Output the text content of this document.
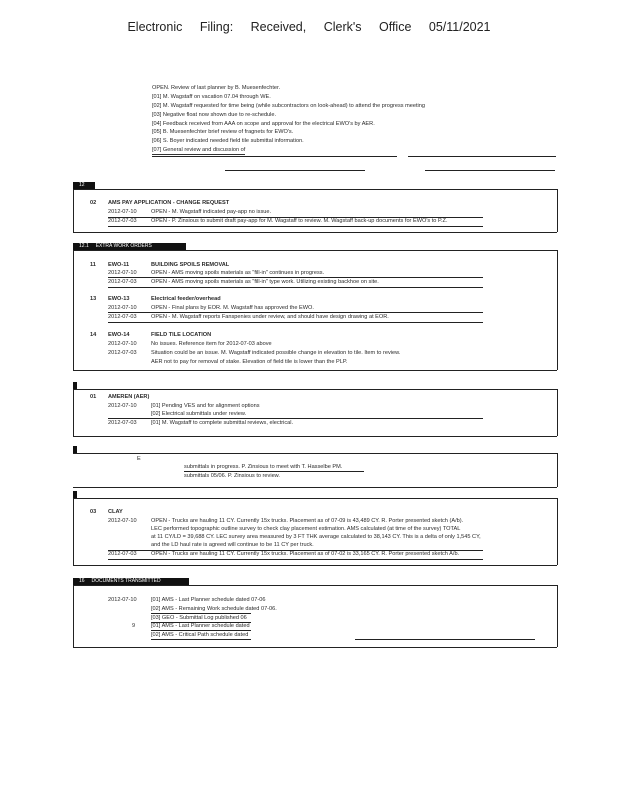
Electronic Filing: Received, Clerk's Office 05/11/2021
OPEN. Review of last planner by B. Muesenfechter.
[01] M. Wagstaff on vacation 07.04 through WE.
[02] M. Wagstaff requested for time being (while subcontractors on look-ahead) to attend the progress meeting
[03] Negative float now shown due to re-schedule.
[04] Feedback received from AAA on scope and approval for the electrical EWO's by AER.
[05] B. Muesenfechter brief review of fragnets for EWO's.
[06] S. Boyer indicated needed field tile submittal information.
[07] General review and discussion of
12
02 AMS PAY APPLICATION - CHANGE REQUEST
2012-07-10	OPEN - M. Wagstaff indicated pay-app no issue.
2012-07-03	OPEN - P. Zinsious to submit draft pay-app for M. Wagstaff to review. M. Wagstaff back-up documents for EWO's to P.Z.
12.1 EXTRA WORK ORDERS
11 EWO-11	BUILDING SPOILS REMOVAL
2012-07-10	OPEN - AMS moving spoils materials as "fill-in" continues in progress.
2012-07-03	OPEN - AMS moving spoils materials as "fill-in" type work. Utilizing existing backhoe on site.
13 EWO-13	Electrical feeder/overhead
2012-07-10	OPEN - Final plans by EOR. M. Wagstaff has approved the EWO.
2012-07-03	OPEN - M. Wagstaff reports Fanspenies under review, and should have design drawing at EOR.
14 EWO-14	FIELD TILE LOCATION
2012-07-10	No issues. Reference item for 2012-07-03 above
2012-07-03	Situation could be an issue. M. Wagstaff indicated possible change in elevation to tile. Item to review.
AER not to pay for removal of stake. Elevation of field tile is lower than the PLP.
01 AMEREN (AER)
2012-07-10	[01] Pending VES and for alignment options
[02] Electrical submittals under review.
2012-07-03	[01] M. Wagstaff to complete submittal reviews, electrical.
E
submittals in progress. P. Zinsious to meet with T. Hasselbe PM.
submittals 05/06. P. Zinsious to review.
03 CLAY
2012-07-10	OPEN - Trucks are hauling 11 CY. Currently 15x trucks. Placement as of 07-09 is 43,489 CY. R. Porter presented sketch (A/b).
LEC performed topographic outline survey to check clay placement estimation. AMS calculated (at time of the survey) TOTAL
at 11 CY/LD = 39,688 CY. LEC survey area measured by 3 FT THK average calculated to 38,143 CY. This is a delta of only 1,545 CY,
and the LD haul rate is agreed will continue to be 11 CY per truck.
2012-07-03	OPEN - Trucks are hauling 11 CY. Currently 15x trucks. Placement as of 07-02 is 33,165 CY. R. Porter presented sketch A/b.
16 DOCUMENTS TRANSMITTED
2012-07-10	[01] AMS - Last Planner schedule dated 07-06
[02] AMS - Remaining Work schedule dated 07-06.
[03] GEO - Submittal Log published 06
9	[01] AMS - Last Planner schedule dated
[02] AMS - Critical Path schedule dated
